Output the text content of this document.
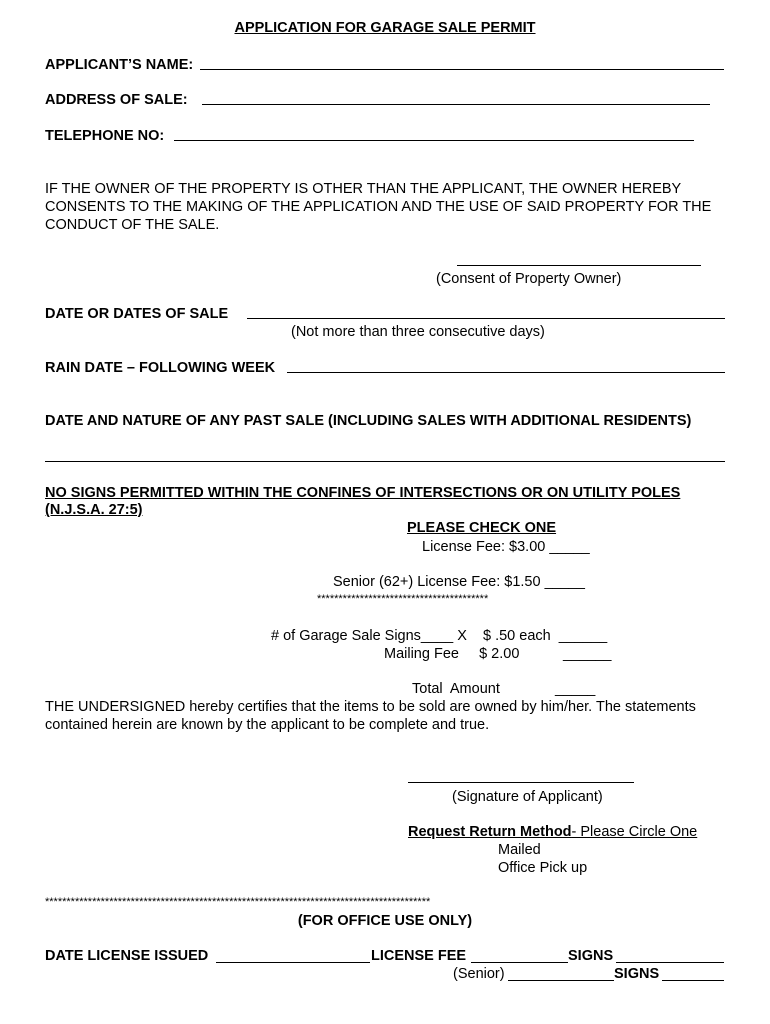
APPLICATION FOR GARAGE SALE PERMIT
APPLICANT’S NAME:
ADDRESS OF SALE:
TELEPHONE NO:
IF THE OWNER OF THE PROPERTY IS OTHER THAN THE APPLICANT, THE OWNER HEREBY CONSENTS TO THE MAKING OF THE APPLICATION AND THE USE OF SAID PROPERTY FOR THE CONDUCT OF THE SALE.
(Consent of Property Owner)
DATE OR DATES OF SALE
(Not more than three consecutive days)
RAIN DATE – FOLLOWING WEEK
DATE AND NATURE OF ANY PAST SALE (INCLUDING SALES WITH ADDITIONAL RESIDENTS)
NO SIGNS PERMITTED WITHIN THE CONFINES OF INTERSECTIONS OR ON UTILITY POLES
(N.J.S.A. 27:5)
PLEASE CHECK ONE
License Fee: $3.00 _____
Senior (62+) License Fee: $1.50 _____
****************************************
# of Garage Sale Signs____ X    $ .50 each  ______
Mailing Fee     $ 2.00	______
Total  Amount	_____
THE UNDERSIGNED hereby certifies that the items to be sold are owned by him/her. The statements contained herein are known by the applicant to be complete and true.
(Signature of Applicant)
Request Return Method- Please Circle One
Mailed
Office Pick up
******************************************************************************************
(FOR OFFICE USE ONLY)
DATE LICENSE ISSUED	LICENSE FEE	SIGNS
(Senior)	SIGNS
